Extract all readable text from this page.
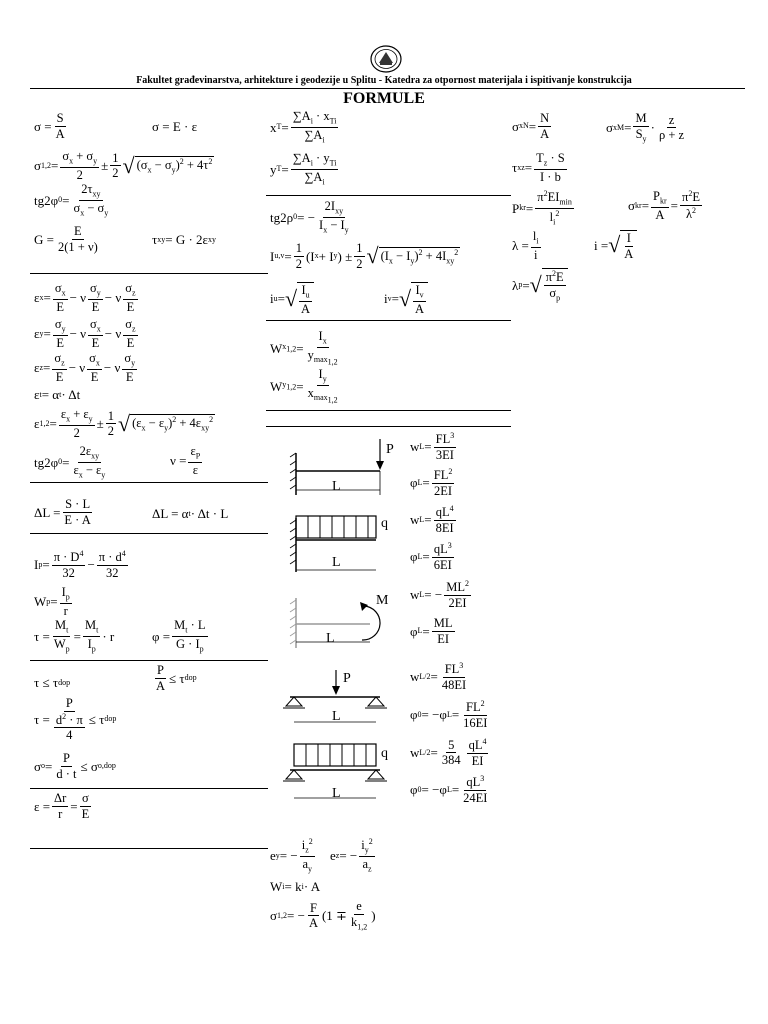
Fakultet građevinarstva, arhitekture i geodezije u Splitu - Katedra za otpornost materijala i ispitivanje konstrukcija
FORMULE
σ =
S
A	σ = E · ε
σ 1,2 =
$\sigma_x + \sigma_y$
2
±
1
2 √ $(\sigma_x - \sigma_y)^2 + 4\tau^2$
tg2φ 0 =
$2\tau_{xy}$
$\sigma_x - \sigma_y$
G =
E
2(1 + ν)	τ xy = G · 2ε xy
ε x =
$\sigma_x$
E
− ν
$\sigma_y$
E
− ν
$\sigma_z$
E
ε y =
$\sigma_y$
E
− ν
$\sigma_x$
E
− ν
$\sigma_z$
E
ε z =
$\sigma_z$
E
− ν
$\sigma_x$
E
− ν
$\sigma_y$
E
ε t = α t · Δt
ε 1,2 =
$\varepsilon_x + \varepsilon_y$
2
±
1
2 √ $(\varepsilon_x - \varepsilon_y)^2 + 4\varepsilon_{xy}^2$
tg2φ 0 =
$2\varepsilon_{xy}$
$\varepsilon_x - \varepsilon_y$
ν =
$\varepsilon_P$
ε
ΔL =
S · L
E · A	ΔL = α t · Δt · L
I $p = \pi \cdot D^4$
32
− $\pi \cdot d^4$
32
W p =
$I_p$
r
τ =
$M_t$
$W_p$
=
$M_t$
$I_p$
· r	φ =
$M_t \cdot L$
$G \cdot I_p$
τ ≤ τ dop
P
A ≤ τ dop
τ =
P
$\frac{d^2 \cdot \pi}{4} \le \tau$ dop
σ o =
P
d · t ≤ σ o,dop
ε =
Δr
r =
σ
E
x T =
$\sum A_i \cdot x_{Ti}$
$\sum A_i$
y T =
$\sum A_i \cdot y_{Ti}$
$\sum A_i$
tg2ρ 0 = −
$2I_{xy}$
$I_x - I_y$
I u,v =
1
2 (I x + I y ) ±
1
2 √ $(I_x - I_y)^2 + 4I_{xy}^2$
i u = √ $\frac{I_u}{A}$	i v = √ $\frac{I_v}{A}$
W $x_{1,2}$ =
$I_x$
$y_{max_{1,2}}$
W $y_{1,2}$ =
$I_y$
$x_{max_{1,2}}$
σ xN =
N
A	σ xM =
M
$S_y$
·
z
ρ + z
τ xz =
$T_z \cdot S$
I · b
P kr =
$\pi^2EI_{min}$
$l_i^2$
σ kr =
$P_{kr}$
A
=
$\pi^2E$
$\lambda^2$
λ =
$l_i$
i
i = √ $\frac{I}{A}$
λ p = √ $\frac{\pi^2E}{\sigma_p}$
P
L
w $L = FL^3$
3EI
φ $L = FL^2$
2EI
q
L
w $L = qL^4$
8EI
φ $L = qL^3$
6EI
M
L
w L = − $ML^2$
2EI
φ L =
ML
EI
P
L
w $L/2 = FL^3$
48EI
φ 0 = −φ $L = FL^2$
16EI
q
L
w L/2 =
5
384
$qL^4$
EI
φ 0 = −φ $L = qL^3$
24EI
e y = −
$i_z^2$
$a_y$
e z = −
$i_y^2$
$a_z$
W i = k i · A
σ 1,2 = −
F
A (1 ∓
e
$k_{1,2}$
)
